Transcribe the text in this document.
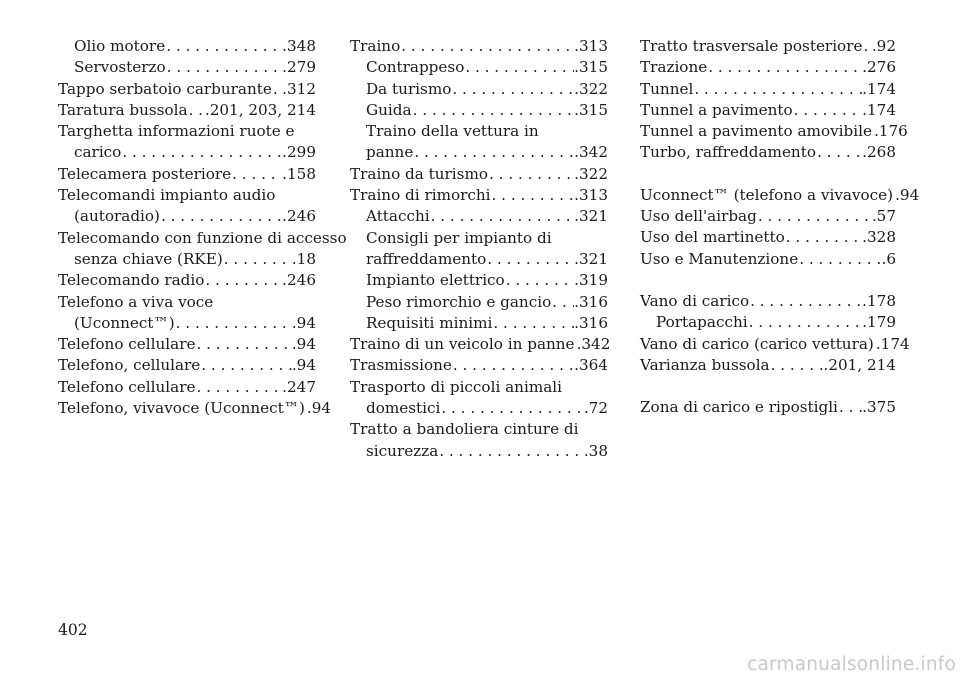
Olio motore . . .	.348
Servosterzo . . .	.279
Tappo serbatoio carburante . . . .312
Taratura bussola . . . .201, 203, 214
Targhetta informazioni ruote e
carico . . .	.299
Telecamera posteriore . . .	.158
Telecomandi impianto audio
(autoradio) . . .	.246
Telecomando con funzione di accesso
senza chiave (RKE) . . .	.18
Telecomando radio . . .	.246
Telefono a viva voce
(Uconnect™) . . .	.94
Telefono cellulare . . .	.94
Telefono, cellulare . . .	.94
Telefono cellulare . . .	.247
Telefono, vivavoce (Uconnect™) . . . .94
Traino . . .	.313
Contrappeso . . .	.315
Da turismo . . .	.322
Guida . . .	.315
Traino della vettura in
panne . . .	.342
Traino da turismo . . .	.322
Traino di rimorchi . . .	.313
Attacchi . . .	.321
Consigli per impianto di
raffreddamento . . .	.321
Impianto elettrico . . .	.319
Peso rimorchio e gancio . . . .316
Requisiti minimi . . .	.316
Traino di un veicolo in panne . . . .342
Trasmissione . . .	.364
Trasporto di piccoli animali
domestici . . .	.72
Tratto a bandoliera cinture di
sicurezza . . .	.38
Tratto trasversale posteriore . . . .92
Trazione . . .	.276
Tunnel . . .	.174
Tunnel a pavimento . . .	.174
Tunnel a pavimento amovibile . . . .176
Turbo, raffreddamento . . .	.268
Uconnect™ (telefono a vivavoce) . . . .94
Uso dell'airbag . . .	.57
Uso del martinetto . . .	.328
Uso e Manutenzione . . .	.6
Vano di carico . . .	.178
Portapacchi . . .	.179
Vano di carico (carico vettura) . . . .174
Varianza bussola . . .	.201, 214
Zona di carico e ripostigli . . . .375
402
carmanualsonline.info
